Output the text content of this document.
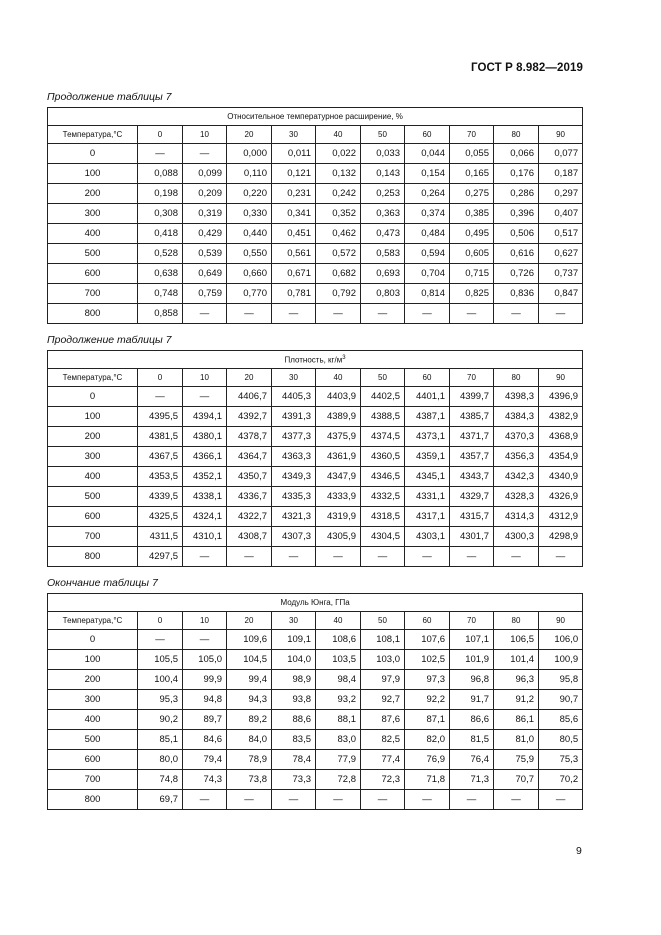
ГОСТ Р 8.982—2019
Продолжение таблицы 7
Относительное температурное расширение, %										
Температура,°С	0	10	20	30	40	50	60	70	80	90
0	—	—	0,000	0,011	0,022	0,033	0,044	0,055	0,066	0,077
100	0,088	0,099	0,110	0,121	0,132	0,143	0,154	0,165	0,176	0,187
200	0,198	0,209	0,220	0,231	0,242	0,253	0,264	0,275	0,286	0,297
300	0,308	0,319	0,330	0,341	0,352	0,363	0,374	0,385	0,396	0,407
400	0,418	0,429	0,440	0,451	0,462	0,473	0,484	0,495	0,506	0,517
500	0,528	0,539	0,550	0,561	0,572	0,583	0,594	0,605	0,616	0,627
600	0,638	0,649	0,660	0,671	0,682	0,693	0,704	0,715	0,726	0,737
700	0,748	0,759	0,770	0,781	0,792	0,803	0,814	0,825	0,836	0,847
800	0,858	—	—	—	—	—	—	—	—	—
Продолжение таблицы 7
Плотность, $кг/м^3$
Температура,°С	0	10	20	30	40	50	60	70	80	90
0	—	—	4406,7	4405,3	4403,9	4402,5	4401,1	4399,7	4398,3	4396,9
100	4395,5	4394,1	4392,7	4391,3	4389,9	4388,5	4387,1	4385,7	4384,3	4382,9
200	4381,5	4380,1	4378,7	4377,3	4375,9	4374,5	4373,1	4371,7	4370,3	4368,9
300	4367,5	4366,1	4364,7	4363,3	4361,9	4360,5	4359,1	4357,7	4356,3	4354,9
400	4353,5	4352,1	4350,7	4349,3	4347,9	4346,5	4345,1	4343,7	4342,3	4340,9
500	4339,5	4338,1	4336,7	4335,3	4333,9	4332,5	4331,1	4329,7	4328,3	4326,9
600	4325,5	4324,1	4322,7	4321,3	4319,9	4318,5	4317,1	4315,7	4314,3	4312,9
700	4311,5	4310,1	4308,7	4307,3	4305,9	4304,5	4303,1	4301,7	4300,3	4298,9
800	4297,5	—	—	—	—	—	—	—	—	—
Окончание таблицы 7
Модуль Юнга, ГПа										
Температура,°С	0	10	20	30	40	50	60	70	80	90
0	—	—	109,6	109,1	108,6	108,1	107,6	107,1	106,5	106,0
100	105,5	105,0	104,5	104,0	103,5	103,0	102,5	101,9	101,4	100,9
200	100,4	99,9	99,4	98,9	98,4	97,9	97,3	96,8	96,3	95,8
300	95,3	94,8	94,3	93,8	93,2	92,7	92,2	91,7	91,2	90,7
400	90,2	89,7	89,2	88,6	88,1	87,6	87,1	86,6	86,1	85,6
500	85,1	84,6	84,0	83,5	83,0	82,5	82,0	81,5	81,0	80,5
600	80,0	79,4	78,9	78,4	77,9	77,4	76,9	76,4	75,9	75,3
700	74,8	74,3	73,8	73,3	72,8	72,3	71,8	71,3	70,7	70,2
800	69,7	—	—	—	—	—	—	—	—	—
9
